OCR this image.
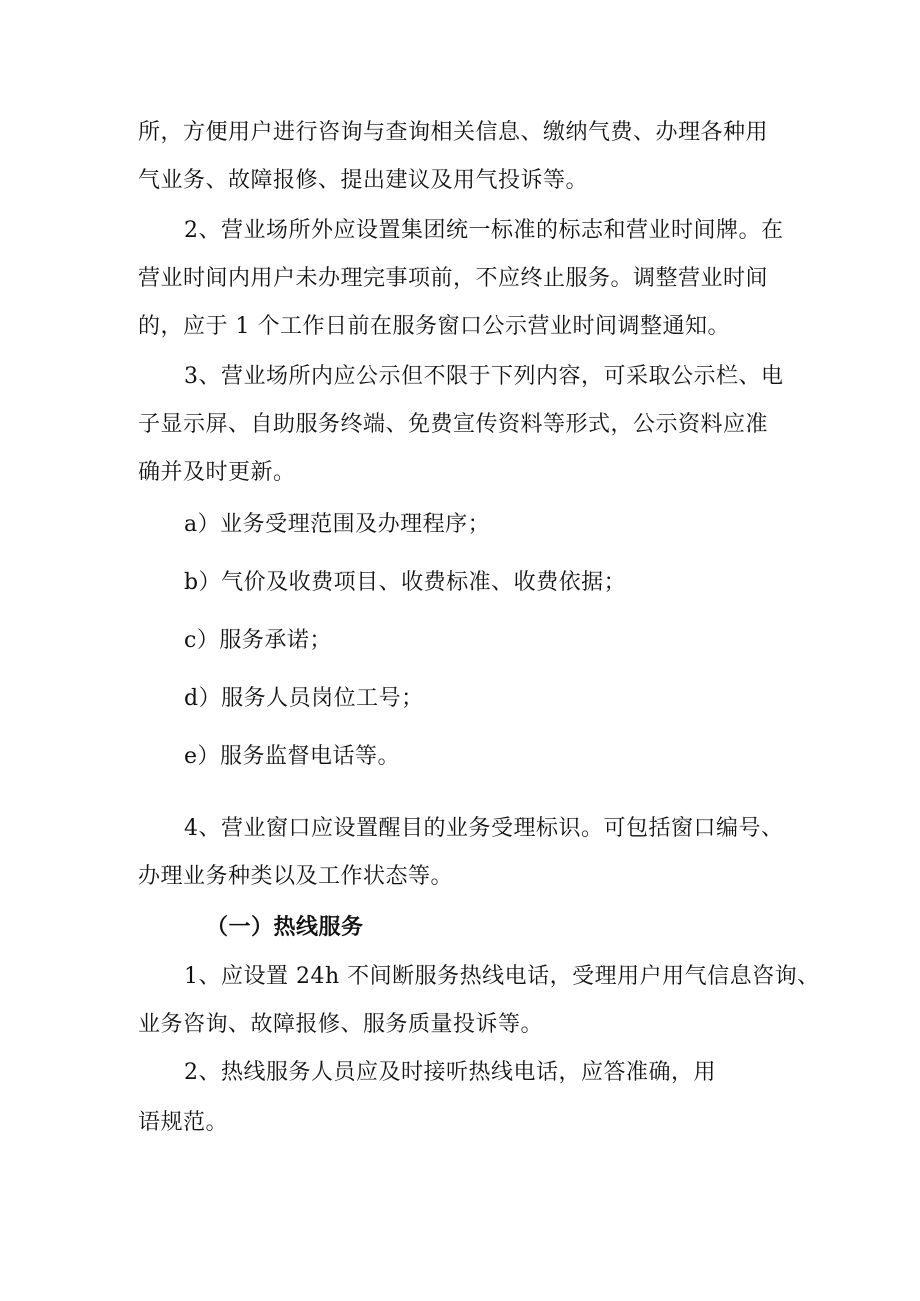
所，方便用户进行咨询与查询相关信息、缴纳气费、办理各种用
气业务、故障报修、提出建议及用气投诉等。
2、营业场所外应设置集团统一标准的标志和营业时间牌。在
营业时间内用户未办理完事项前，不应终止服务。调整营业时间
的，应于 1 个工作日前在服务窗口公示营业时间调整通知。
3、营业场所内应公示但不限于下列内容，可采取公示栏、电
子显示屏、自助服务终端、免费宣传资料等形式，公示资料应准
确并及时更新。
a）业务受理范围及办理程序；
b）气价及收费项目、收费标准、收费依据；
c）服务承诺；
d）服务人员岗位工号；
e）服务监督电话等。
4、营业窗口应设置醒目的业务受理标识。可包括窗口编号、
办理业务种类以及工作状态等。
（一）热线服务
1、应设置 24h 不间断服务热线电话，受理用户用气信息咨询、
业务咨询、故障报修、服务质量投诉等。
2、热线服务人员应及时接听热线电话，应答准确，用
语规范。
